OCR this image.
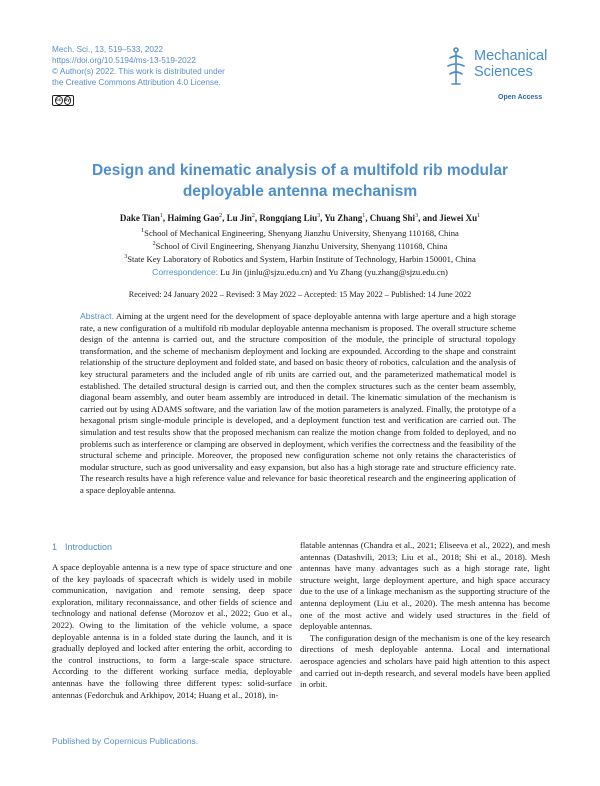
Mech. Sci., 13, 519–533, 2022
https://doi.org/10.5194/ms-13-519-2022
© Author(s) 2022. This work is distributed under
the Creative Commons Attribution 4.0 License.
cc by
Mechanical
Sciences
Open Access
Design and kinematic analysis of a multifold rib modular
deployable antenna mechanism
Dake Tian$^1$, Haiming Gao$^2$, Lu Jin$^2$, Rongqiang Liu$^3$, Yu Zhang$^1$, Chuang Shi$^3$, and Jiewei Xu$^1$
$^1$School of Mechanical Engineering, Shenyang Jianzhu University, Shenyang 110168, China
$^2$School of Civil Engineering, Shenyang Jianzhu University, Shenyang 110168, China
$^3$State Key Laboratory of Robotics and System, Harbin Institute of Technology, Harbin 150001, China
Correspondence: Lu Jin (jinlu@sjzu.edu.cn) and Yu Zhang (yu.zhang@sjzu.edu.cn)
Received: 24 January 2022 – Revised: 3 May 2022 – Accepted: 15 May 2022 – Published: 14 June 2022
Abstract. Aiming at the urgent need for the development of space deployable antenna with large aperture and a high storage rate, a new configuration of a multifold rib modular deployable antenna mechanism is proposed. The overall structure scheme design of the antenna is carried out, and the structure composition of the module, the principle of structural topology transformation, and the scheme of mechanism deployment and locking are expounded. According to the shape and constraint relationship of the structure deployment and folded state, and based on basic theory of robotics, calculation and the analysis of key structural parameters and the included angle of rib units are carried out, and the parameterized mathematical model is established. The detailed structural design is carried out, and then the complex structures such as the center beam assembly, diagonal beam assembly, and outer beam assembly are introduced in detail. The kinematic simulation of the mechanism is carried out by using ADAMS software, and the variation law of the motion parameters is analyzed. Finally, the prototype of a hexagonal prism single-module principle is developed, and a deployment function test and verification are carried out. The simulation and test results show that the proposed mechanism can realize the motion change from folded to deployed, and no problems such as interference or clamping are observed in deployment, which verifies the correctness and the feasibility of the structural scheme and principle. Moreover, the proposed new configuration scheme not only retains the characteristics of modular structure, such as good universality and easy expansion, but also has a high storage rate and structure efficiency rate. The research results have a high reference value and relevance for basic theoretical research and the engineering application of a space deployable antenna.
1 Introduction

A space deployable antenna is a new type of space structure and one of the key payloads of spacecraft which is widely used in mobile communication, navigation and remote sensing, deep space exploration, military reconnaissance, and other fields of science and technology and national defense (Morozov et al., 2022; Guo et al., 2022). Owing to the limitation of the vehicle volume, a space deployable antenna is in a folded state during the launch, and it is gradually deployed and locked after entering the orbit, according to the control instructions, to form a large-scale space structure. According to the different working surface media, deployable antennas have the following three different types: solid-surface antennas (Fedorchuk and Arkhipov, 2014; Huang et al., 2018), in-

flatable antennas (Chandra et al., 2021; Eliseeva et al., 2022), and mesh antennas (Datashvili, 2013; Liu et al., 2018; Shi et al., 2018). Mesh antennas have many advantages such as a high storage rate, light structure weight, large deployment aperture, and high space accuracy due to the use of a linkage mechanism as the supporting structure of the antenna deployment (Liu et al., 2020). The mesh antenna has become one of the most active and widely used structures in the field of deployable antennas.

The configuration design of the mechanism is one of the key research directions of mesh deployable antenna. Local and international aerospace agencies and scholars have paid high attention to this aspect and carried out in-depth research, and several models have been applied in orbit.

Published by Copernicus Publications.
